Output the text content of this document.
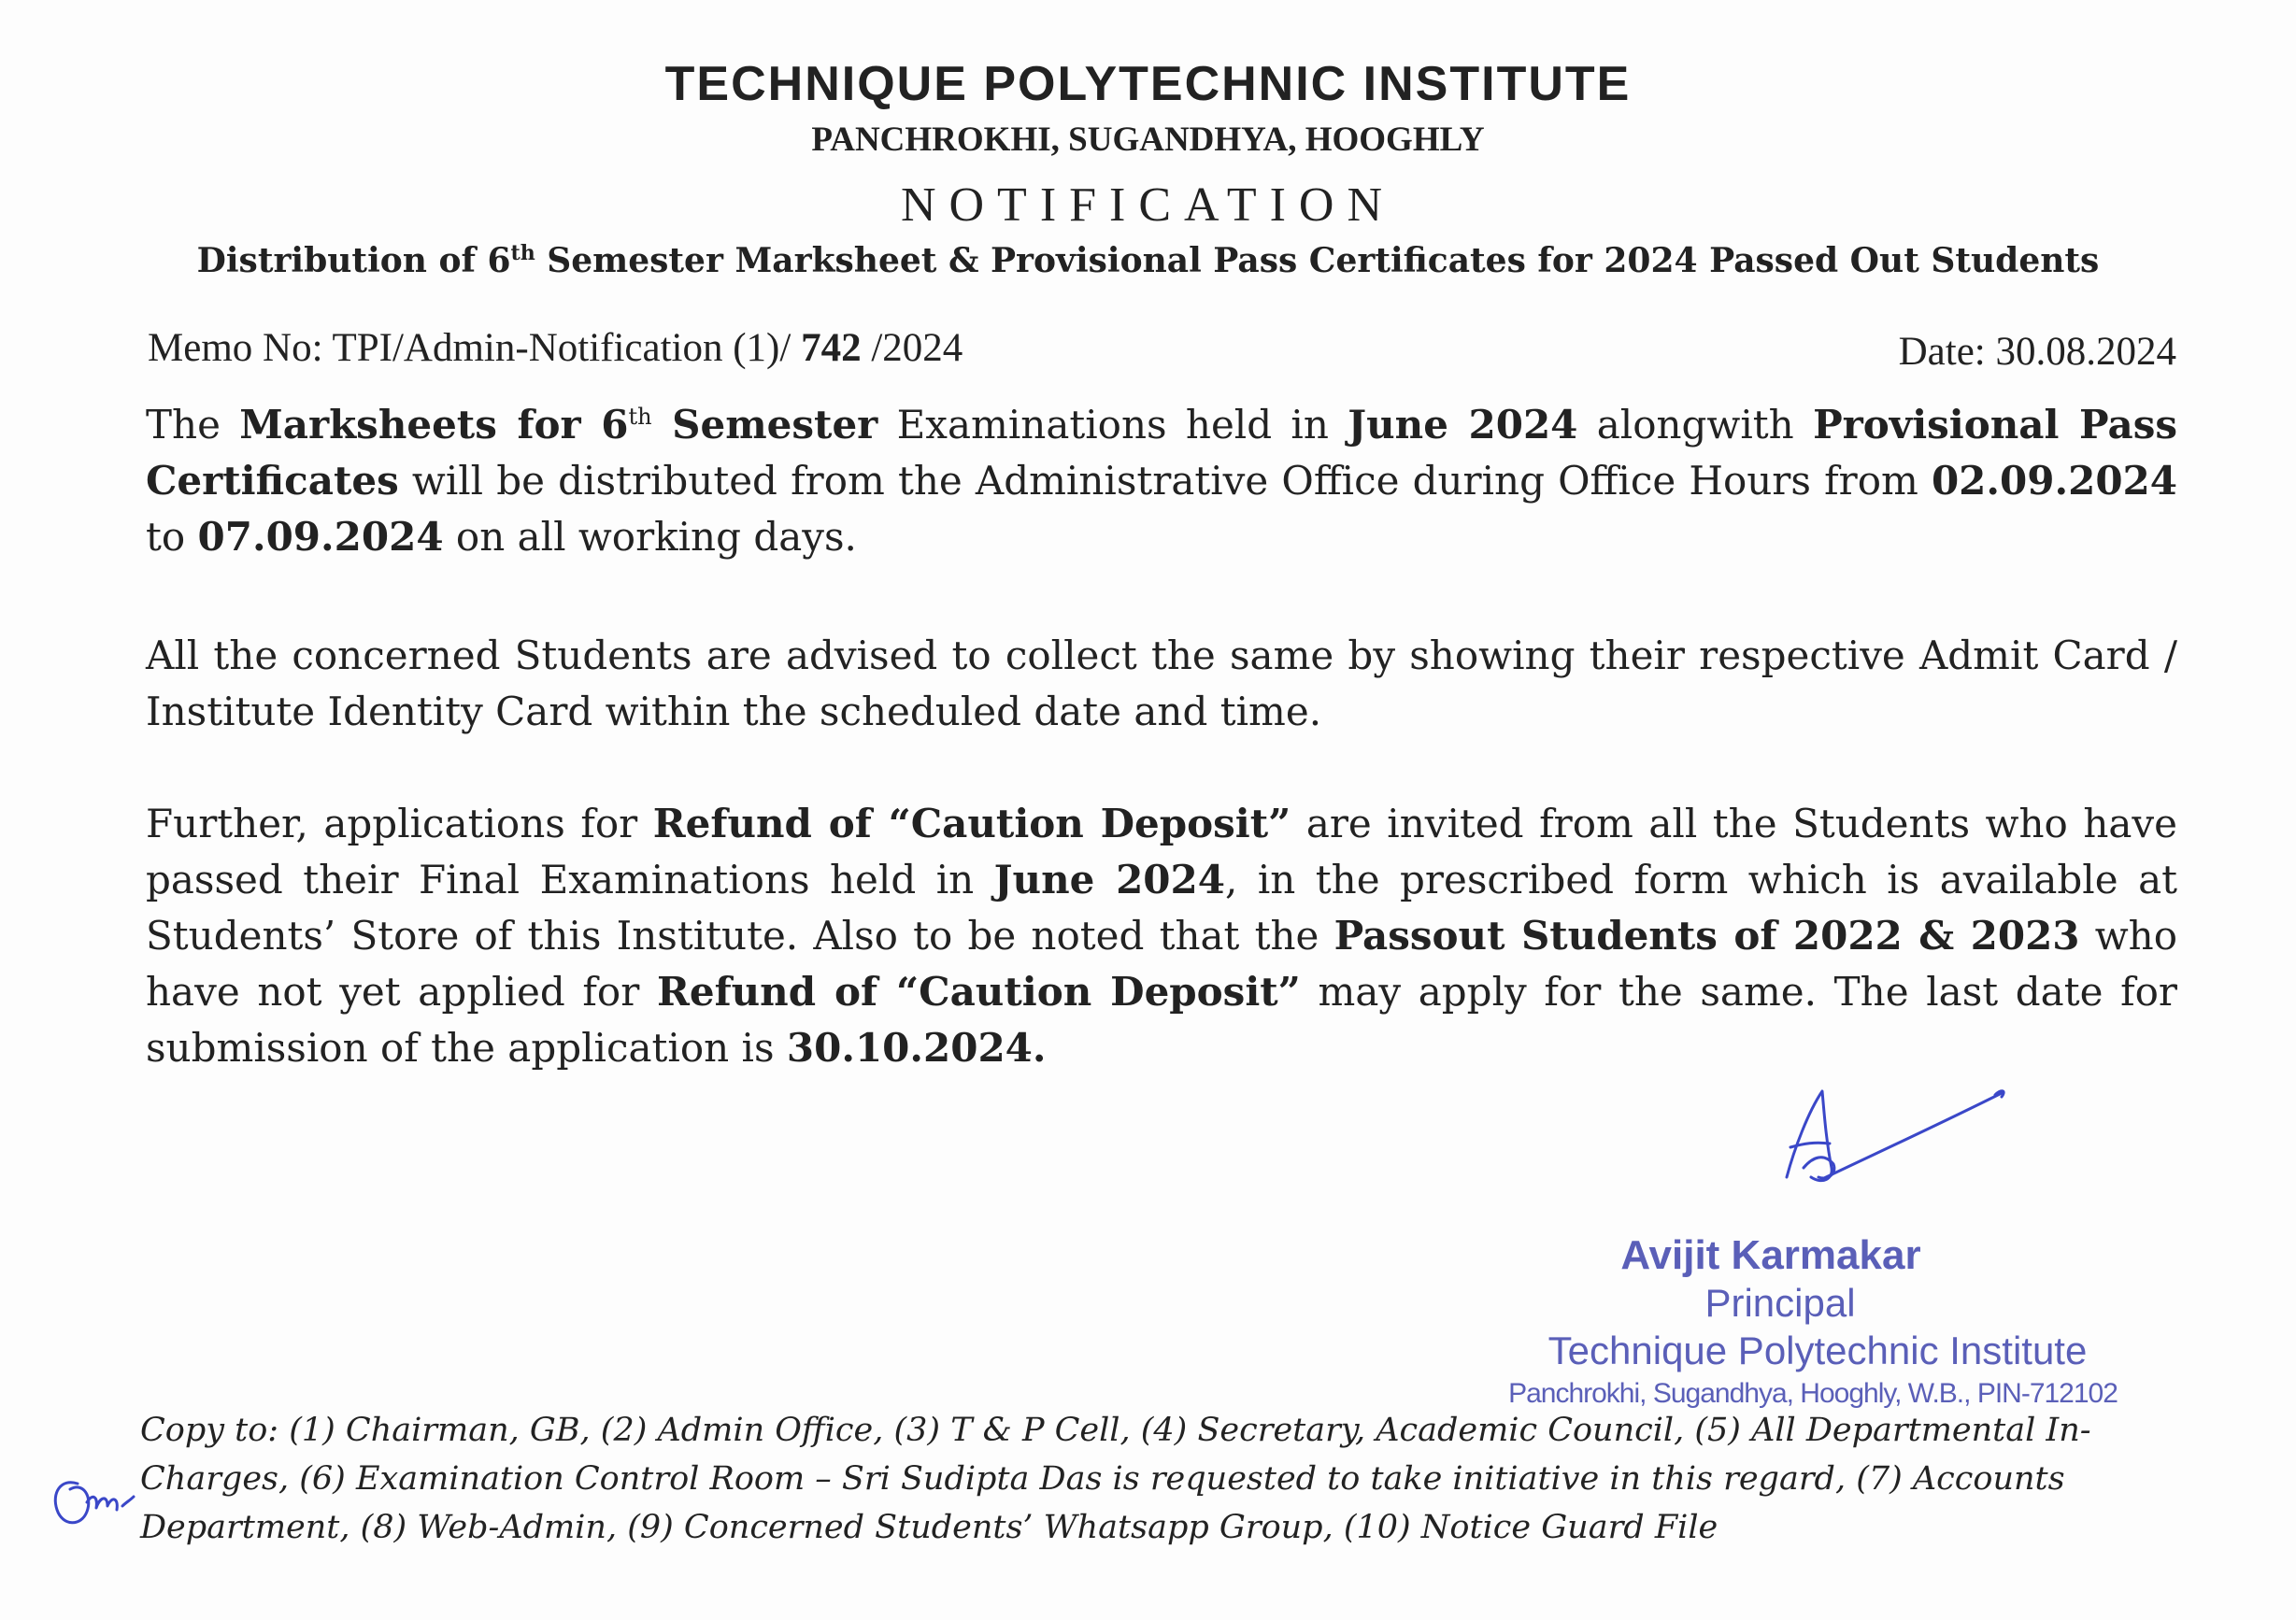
TECHNIQUE POLYTECHNIC INSTITUTE
PANCHROKHI, SUGANDHYA, HOOGHLY
NOTIFICATION
Distribution of 6th Semester Marksheet & Provisional Pass Certificates for 2024 Passed Out Students
Memo No: TPI/Admin-Notification (1)/ 742 /2024	Date: 30.08.2024
The Marksheets for 6th Semester Examinations held in June 2024 alongwith Provisional Pass Certificates will be distributed from the Administrative Office during Office Hours from 02.09.2024 to 07.09.2024 on all working days.
All the concerned Students are advised to collect the same by showing their respective Admit Card / Institute Identity Card within the scheduled date and time.
Further, applications for Refund of “Caution Deposit” are invited from all the Students who have passed their Final Examinations held in June 2024, in the prescribed form which is available at Students’ Store of this Institute. Also to be noted that the Passout Students of 2022 & 2023 who have not yet applied for Refund of “Caution Deposit” may apply for the same. The last date for submission of the application is 30.10.2024.
Avijit Karmakar
Principal
Technique Polytechnic Institute
Panchrokhi, Sugandhya, Hooghly, W.B., PIN-712102
Copy to: (1) Chairman, GB, (2) Admin Office, (3) T & P Cell, (4) Secretary, Academic Council, (5) All Departmental In-Charges, (6) Examination Control Room – Sri Sudipta Das is requested to take initiative in this regard, (7) Accounts Department, (8) Web-Admin, (9) Concerned Students’ Whatsapp Group, (10) Notice Guard File
